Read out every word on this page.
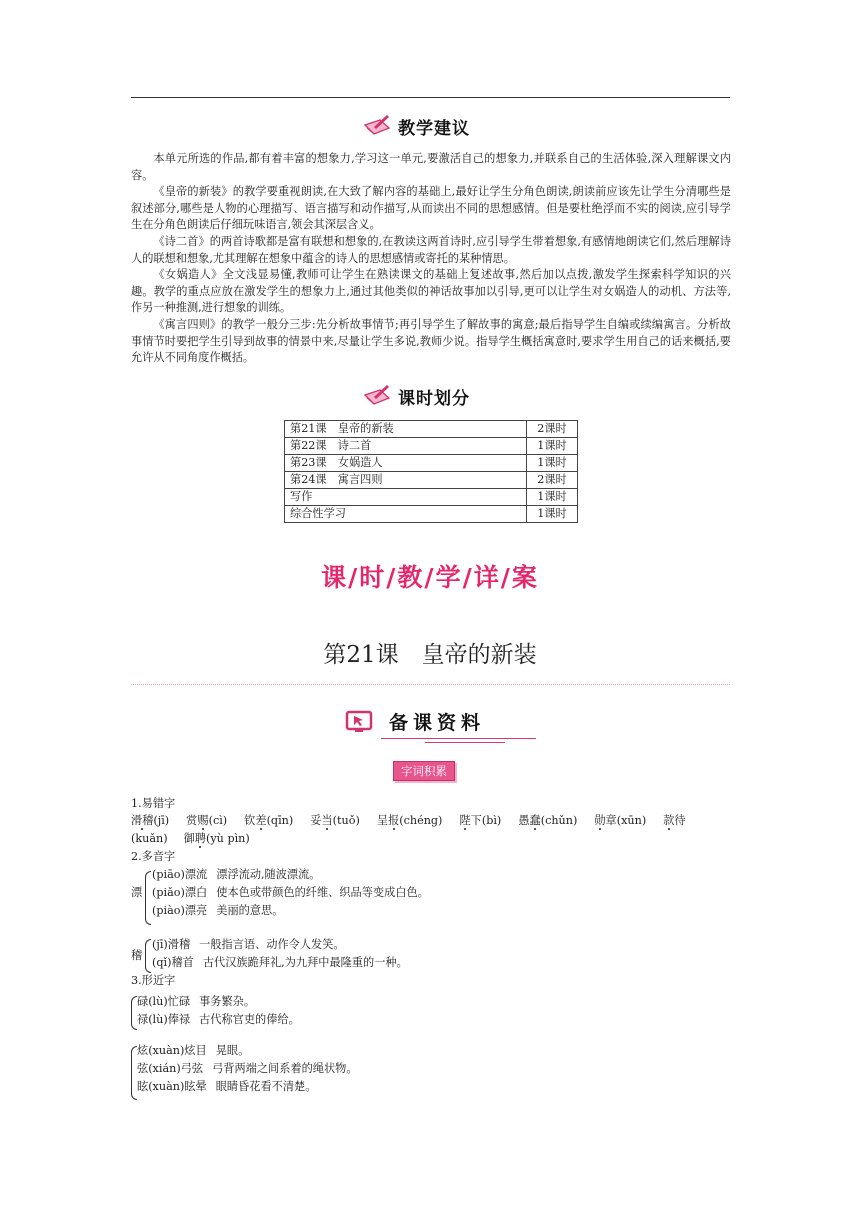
教学建议

本单元所选的作品,都有着丰富的想象力,学习这一单元,要激活自己的想象力,并联系自己的生活体验,深入理解课文内容。

《皇帝的新装》的教学要重视朗读,在大致了解内容的基础上,最好让学生分角色朗读,朗读前应该先让学生分清哪些是叙述部分,哪些是人物的心理描写、语言描写和动作描写,从而读出不同的思想感情。但是要杜绝浮而不实的阅读,应引导学生在分角色朗读后仔细玩味语言,领会其深层含义。

《诗二首》的两首诗歌都是富有联想和想象的,在教读这两首诗时,应引导学生带着想象,有感情地朗读它们,然后理解诗人的联想和想象,尤其理解在想象中蕴含的诗人的思想感情或寄托的某种情思。

《女娲造人》全文浅显易懂,教师可让学生在熟读课文的基础上复述故事,然后加以点拨,激发学生探索科学知识的兴趣。教学的重点应放在激发学生的想象力上,通过其他类似的神话故事加以引导,更可以让学生对女娲造人的动机、方法等,作另一种推测,进行想象的训练。

《寓言四则》的教学一般分三步:先分析故事情节;再引导学生了解故事的寓意;最后指导学生自编或续编寓言。分析故事情节时要把学生引导到故事的情景中来,尽量让学生多说,教师少说。指导学生概括寓意时,要求学生用自己的话来概括,要允许从不同角度作概括。

课时划分
第21课　皇帝的新装	2课时
第22课　诗二首	1课时
第23课　女娲造人	1课时
第24课　寓言四则	2课时
写作	1课时
综合性学习	1课时
课/时/教/学/详/案
第21课　皇帝的新装
备课资料
字词积累
1.易错字
滑稽(jī) 赏赐(cì) 钦差(qīn) 妥当(tuǒ) 呈报(chéng) 陛下(bì) 愚蠢(chǔn) 勋章(xūn) 款待
(kuǎn) 御聘(yù pìn)
2.多音字
漂
(piāo)漂流 漂浮流动,随波漂流。
(piǎo)漂白 使本色或带颜色的纤维、织品等变成白色。
(piào)漂亮 美丽的意思。
稽
(jī)滑稽 一般指言语、动作令人发笑。
(qǐ)稽首 古代汉族跪拜礼,为九拜中最隆重的一种。
3.形近字
碌(lù)忙碌 事务繁杂。
禄(lù)俸禄 古代称官吏的俸给。
炫(xuàn)炫目 晃眼。
弦(xián)弓弦 弓背两端之间系着的绳状物。
眩(xuàn)眩晕 眼睛昏花看不清楚。
